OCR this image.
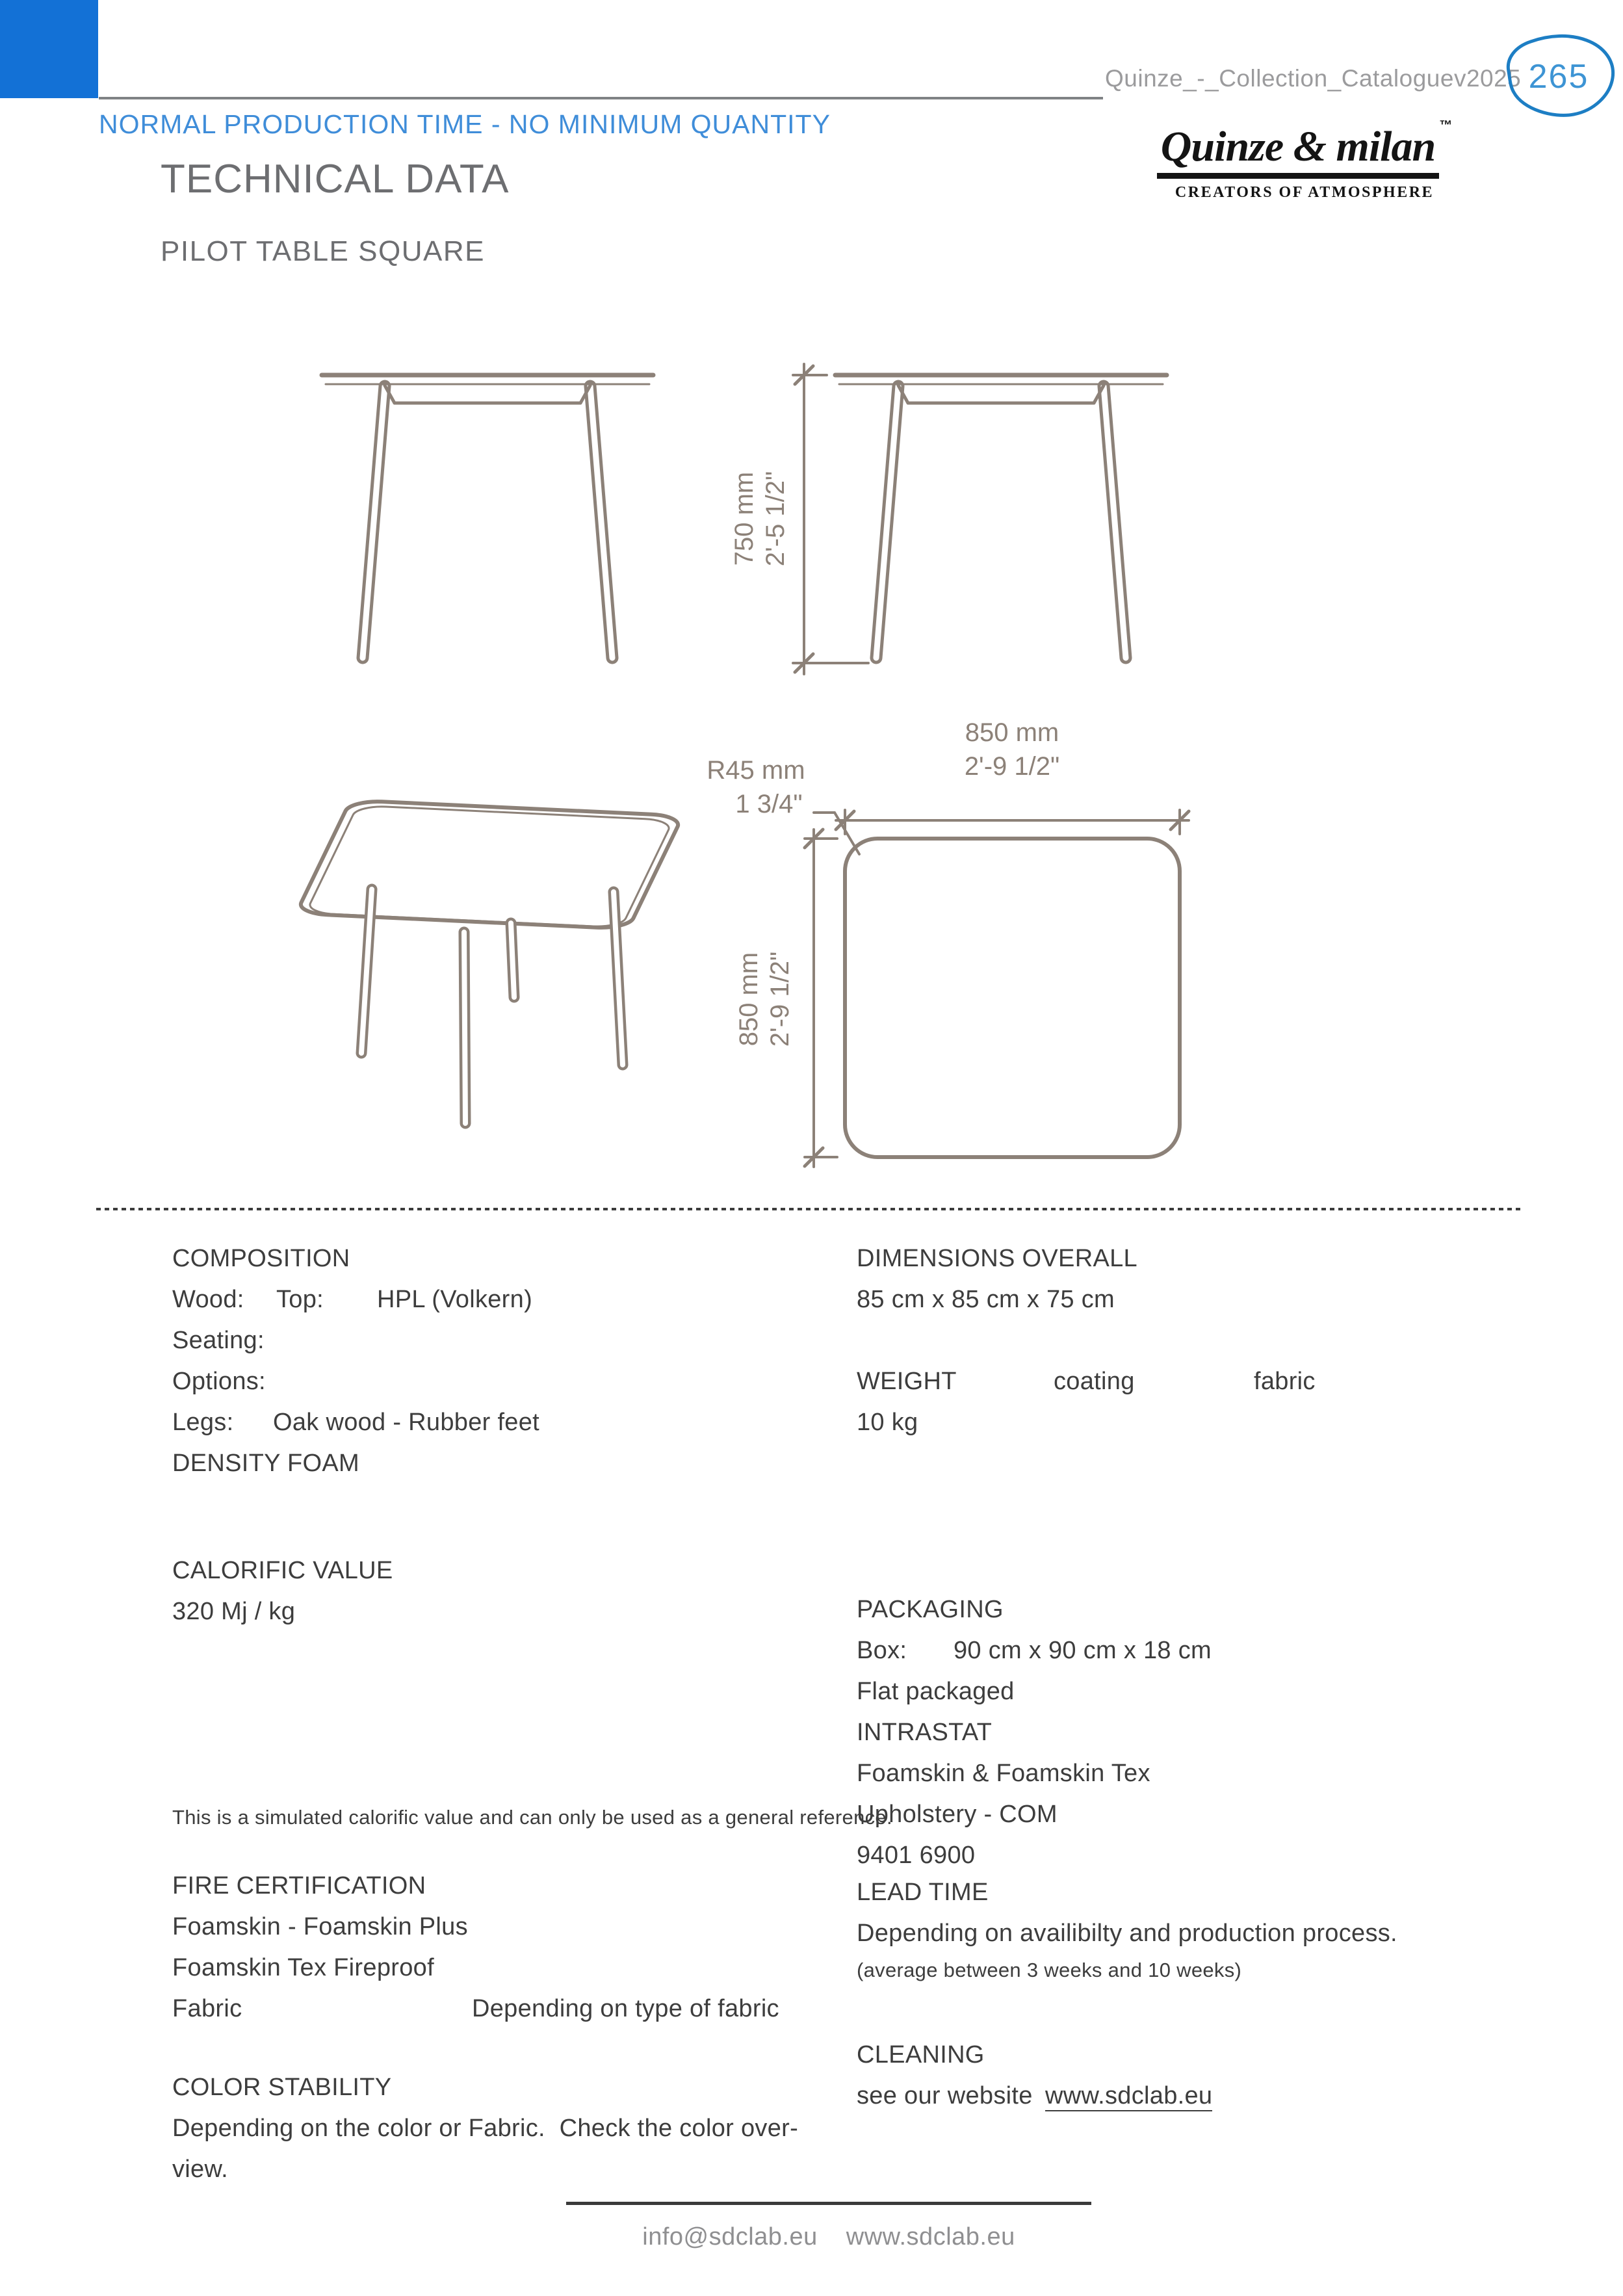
Quinze_-_Collection_Cataloguev2025 265
NORMAL PRODUCTION TIME - NO MINIMUM QUANTITY	Quinze & milan ™
CREATORS OF ATMOSPHERE
TECHNICAL DATA
PILOT TABLE SQUARE
750 mm 2'-5 1/2"
850 mm
2'-9 1/2"
850 mm 2'-9 1/2"
R45 mm
1 3/4"
COMPOSITION
Wood: Top: HPL (Volkern)
Seating:
Options:
Legs: Oak wood - Rubber feet
DENSITY FOAM
CALORIFIC VALUE
320 Mj / kg
This is a simulated calorific value and can only be used as a general reference.
FIRE CERTIFICATION
Foamskin - Foamskin Plus
Foamskin Tex Fireproof
Fabric	Depending on type of fabric
COLOR STABILITY
Depending on the color or Fabric.  Check the color over-
view.
DIMENSIONS OVERALL
85 cm x 85 cm x 75 cm
WEIGHT	coating	fabric
10 kg
PACKAGING
Box: 90 cm x 90 cm x 18 cm
Flat packaged
INTRASTAT
Foamskin & Foamskin Tex
Upholstery - COM
9401 6900
LEAD TIME
Depending on availibilty and production process.
(average between 3 weeks and 10 weeks)
CLEANING
see our website www.sdclab.eu
info@sdclab.eu www.sdclab.eu
